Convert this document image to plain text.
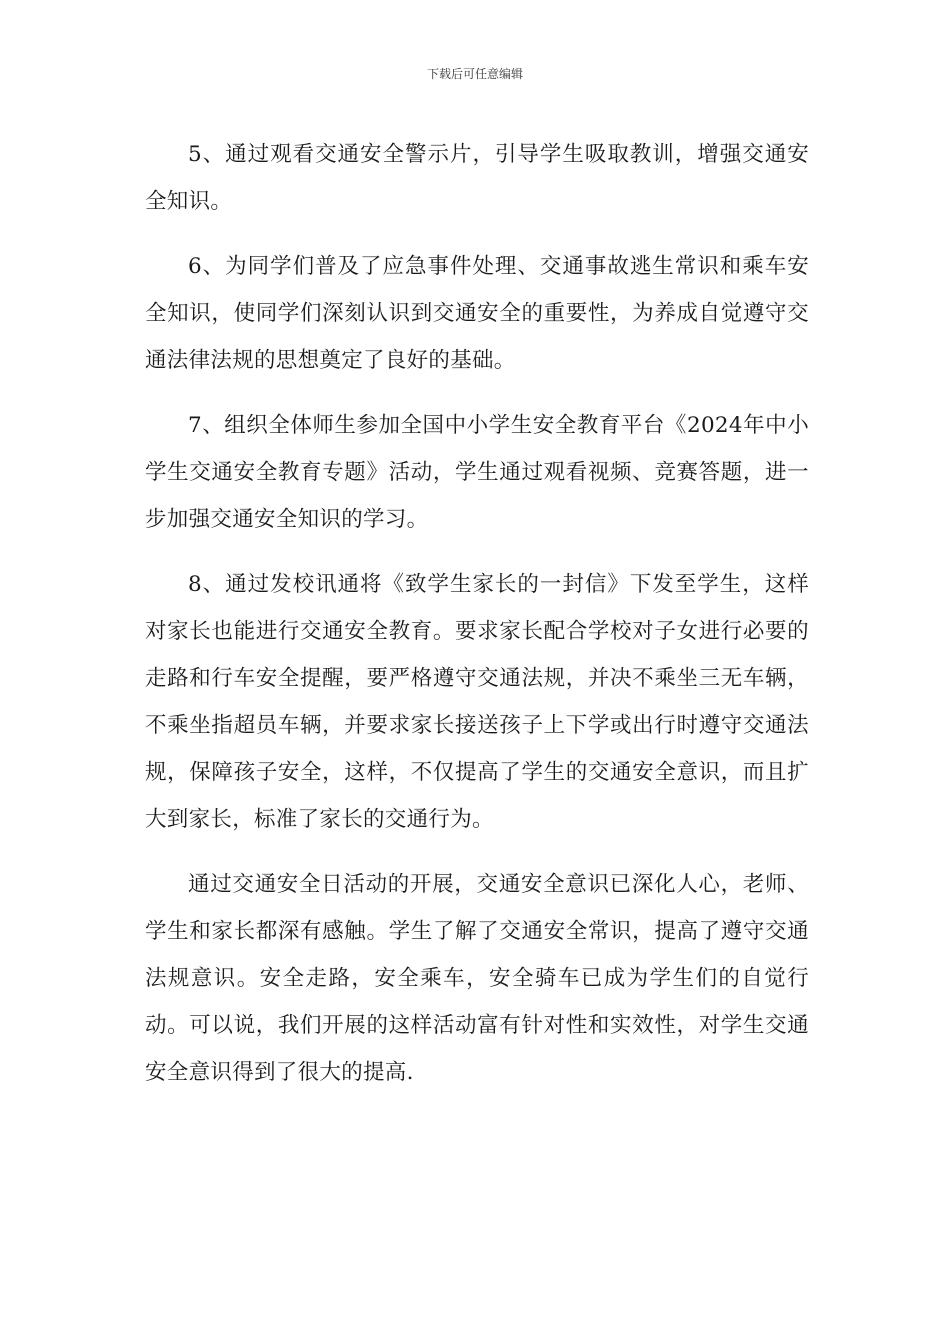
下载后可任意编辑

5、通过观看交通安全警示片，引导学生吸取教训，增强交通安全知识。

6、为同学们普及了应急事件处理、交通事故逃生常识和乘车安全知识，使同学们深刻认识到交通安全的重要性，为养成自觉遵守交通法律法规的思想奠定了良好的基础。

7、组织全体师生参加全国中小学生安全教育平台《2024年中小学生交通安全教育专题》活动，学生通过观看视频、竞赛答题，进一步加强交通安全知识的学习。

8、通过发校讯通将《致学生家长的一封信》下发至学生，这样对家长也能进行交通安全教育。要求家长配合学校对子女进行必要的走路和行车安全提醒，要严格遵守交通法规，并决不乘坐三无车辆，不乘坐指超员车辆，并要求家长接送孩子上下学或出行时遵守交通法规，保障孩子安全，这样，不仅提高了学生的交通安全意识，而且扩大到家长，标准了家长的交通行为。

通过交通安全日活动的开展，交通安全意识已深化人心，老师、学生和家长都深有感触。学生了解了交通安全常识，提高了遵守交通法规意识。安全走路，安全乘车，安全骑车已成为学生们的自觉行动。可以说，我们开展的这样活动富有针对性和实效性，对学生交通安全意识得到了很大的提高.
